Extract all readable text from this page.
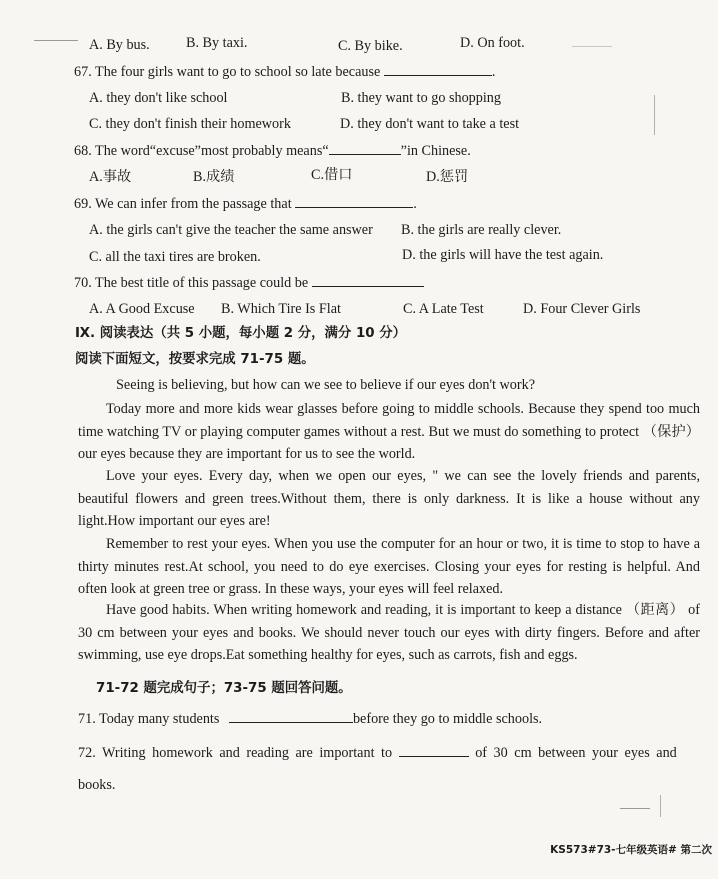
A. By bus.	B. By taxi.	C. By bike.	D. On foot.
67. The four girls want to go to school so late because	.
A. they don't like school	B. they want to go shopping
C. they don't finish their homework	D. they don't want to take a test
68. The word“excuse”most probably means“	”in Chinese.
A.事故	B.成绩	C.借口	D.惩罚
69. We can infer from the passage that	.
A. the girls can't give the teacher the same answer B. the girls are really clever.
C. all the taxi tires are broken.	D. the girls will have the test again.
70. The best title of this passage could be
A. A Good Excuse B. Which Tire Is Flat	C. A Late Test	D. Four Clever Girls
Ⅸ. 阅读表达（共 5 小题，每小题 2 分，满分 10 分）
阅读下面短文，按要求完成 71-75 题。
Seeing is believing, but how can we see to believe if our eyes don't work?
Today more and more kids wear glasses before going to middle schools. Because they spend too much time watching TV or playing computer games without a rest. But we must do something to protect （保护） our eyes because they are important for us to see the world.
Love your eyes. Every day, when we open our eyes, " we can see the lovely friends and parents, beautiful flowers and green trees.Without them, there is only darkness. It is like a house without any light.How important our eyes are!
Remember to rest your eyes. When you use the computer for an hour or two, it is time to stop to have a thirty minutes rest.At school, you need to do eye exercises. Closing your eyes for resting is helpful. And often look at green tree or grass. In these ways, your eyes will feel relaxed.
Have good habits. When writing homework and reading, it is important to keep a distance （距离） of 30 cm between your eyes and books. We should never touch our eyes with dirty fingers. Before and after swimming, use eye drops.Eat something healthy for eyes, such as carrots, fish and eggs.
71-72 题完成句子；73-75 题回答问题。
71. Today many students	before they go to middle schools.
72. Writing homework and reading are important to	of 30 cm between your eyes and
books.
KS573#73-七年级英语# 第二次
